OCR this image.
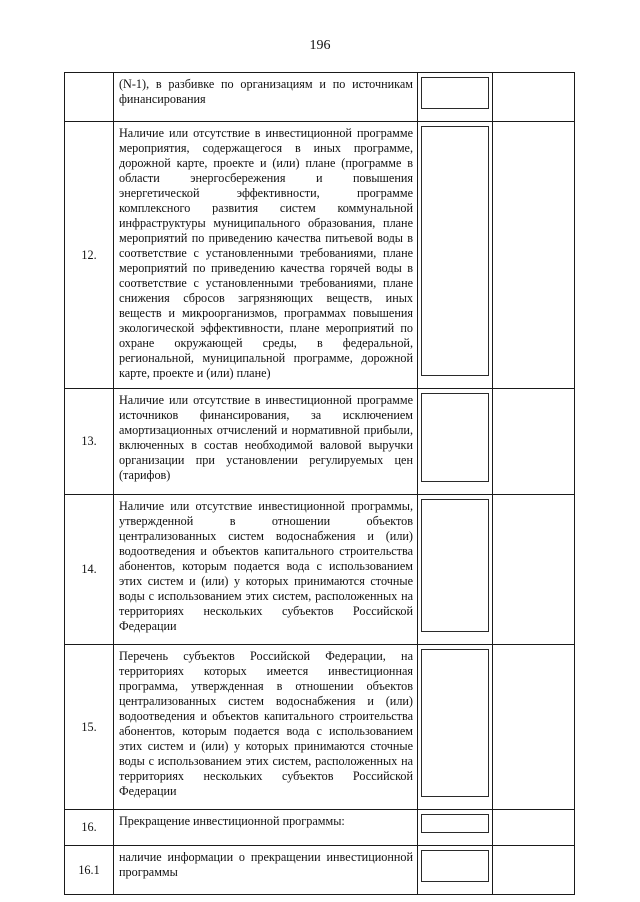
196

	(N-1), в разбивке по организациям и по источникам финансирования		

12.	Наличие или отсутствие в инвестиционной программе мероприятия, содержащегося в иных программе, дорожной карте, проекте и (или) плане (программе в области энергосбережения и повышения энергетической эффективности, программе комплексного развития систем коммунальной инфраструктуры муниципального образования, плане мероприятий по приведению качества питьевой воды в соответствие с установленными требованиями, плане мероприятий по приведению качества горячей воды в соответствие с установленными требованиями, плане снижения сбросов загрязняющих веществ, иных веществ и микроорганизмов, программах повышения экологической эффективности, плане мероприятий по охране окружающей среды, в федеральной, региональной, муниципальной программе, дорожной карте, проекте и (или) плане)		

13.	Наличие или отсутствие в инвестиционной программе источников финансирования, за исключением амортизационных отчислений и нормативной прибыли, включенных в состав необходимой валовой выручки организации при установлении регулируемых цен (тарифов)		

14.	Наличие или отсутствие инвестиционной программы, утвержденной в отношении объектов централизованных систем водоснабжения и (или) водоотведения и объектов капитального строительства абонентов, которым подается вода с использованием этих систем и (или) у которых принимаются сточные воды с использованием этих систем, расположенных на территориях нескольких субъектов Российской Федерации		

15.	Перечень субъектов Российской Федерации, на территориях которых имеется инвестиционная программа, утвержденная в отношении объектов централизованных систем водоснабжения и (или) водоотведения и объектов капитального строительства абонентов, которым подается вода с использованием этих систем и (или) у которых принимаются сточные воды с использованием этих систем, расположенных на территориях нескольких субъектов Российской Федерации		

16.	Прекращение инвестиционной программы:		

16.1	наличие информации о прекращении инвестиционной программы		
